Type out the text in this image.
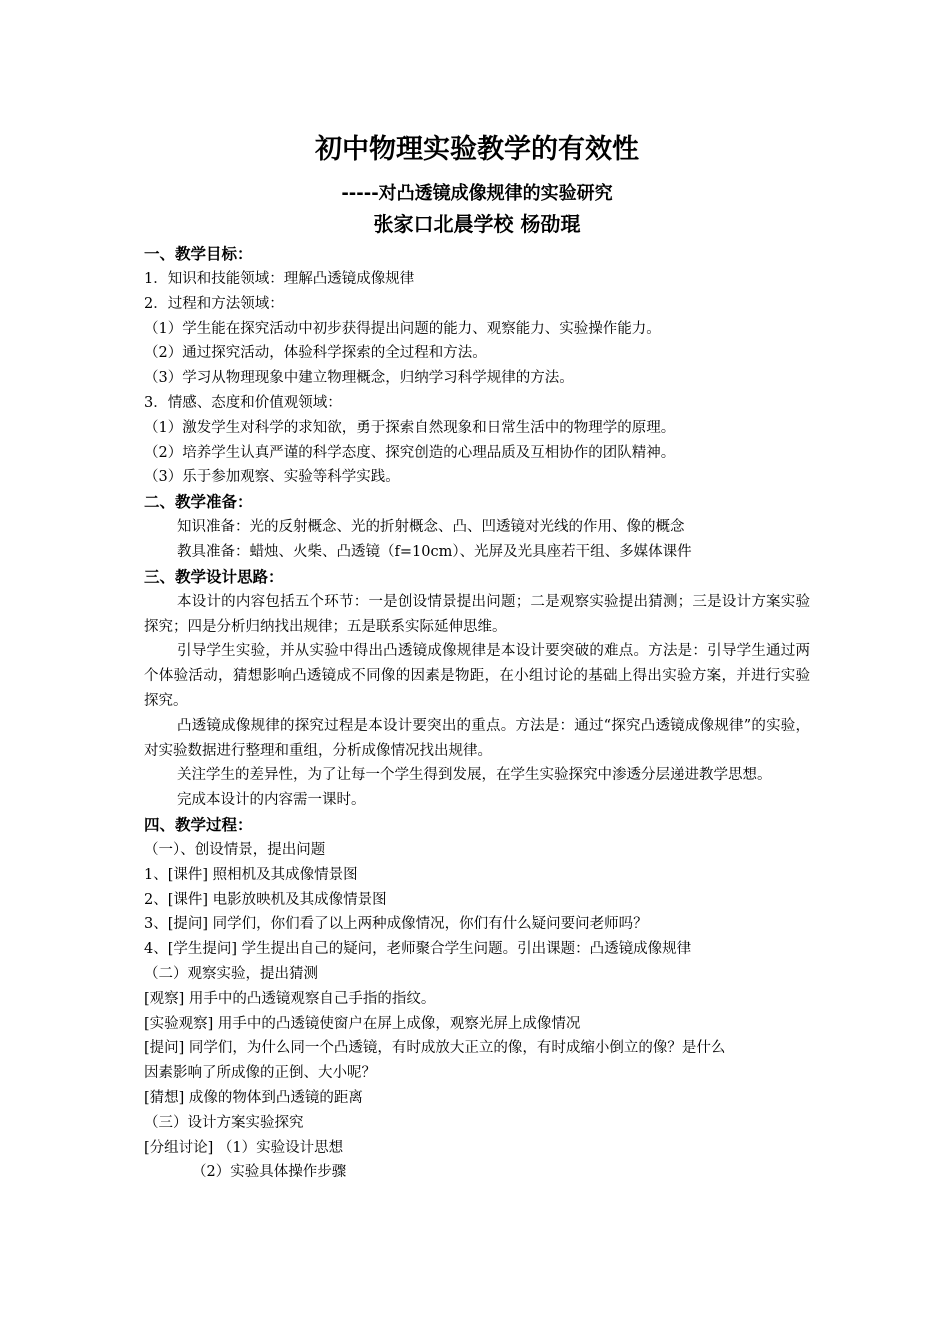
初中物理实验教学的有效性
-----对凸透镜成像规律的实验研究
张家口北晨学校 杨劭琨
一、教学目标：
1．知识和技能领域：理解凸透镜成像规律
2．过程和方法领域：
（1）学生能在探究活动中初步获得提出问题的能力、观察能力、实验操作能力。
（2）通过探究活动，体验科学探索的全过程和方法。
（3）学习从物理现象中建立物理概念，归纳学习科学规律的方法。
3．情感、态度和价值观领域：
（1）激发学生对科学的求知欲，勇于探索自然现象和日常生活中的物理学的原理。
（2）培养学生认真严谨的科学态度、探究创造的心理品质及互相协作的团队精神。
（3）乐于参加观察、实验等科学实践。
二、教学准备：
知识准备：光的反射概念、光的折射概念、凸、凹透镜对光线的作用、像的概念
教具准备：蜡烛、火柴、凸透镜（f=10cm）、光屏及光具座若干组、多媒体课件
三、教学设计思路：

本设计的内容包括五个环节：一是创设情景提出问题；二是观察实验提出猜测；三是设计方案实验探究；四是分析归纳找出规律；五是联系实际延伸思维。

引导学生实验，并从实验中得出凸透镜成像规律是本设计要突破的难点。方法是：引导学生通过两个体验活动，猜想影响凸透镜成不同像的因素是物距，在小组讨论的基础上得出实验方案，并进行实验探究。

凸透镜成像规律的探究过程是本设计要突出的重点。方法是：通过“探究凸透镜成像规律”的实验，对实验数据进行整理和重组，分析成像情况找出规律。

关注学生的差异性，为了让每一个学生得到发展，在学生实验探究中渗透分层递进教学思想。

完成本设计的内容需一课时。

四、教学过程：
（一）、创设情景，提出问题
1、[课件] 照相机及其成像情景图
2、[课件] 电影放映机及其成像情景图
3、[提问] 同学们，你们看了以上两种成像情况，你们有什么疑问要问老师吗？
4、[学生提问] 学生提出自己的疑问，老师聚合学生问题。引出课题：凸透镜成像规律
（二）观察实验，提出猜测
[观察] 用手中的凸透镜观察自己手指的指纹。
[实验观察] 用手中的凸透镜使窗户在屏上成像，观察光屏上成像情况
[提问] 同学们，为什么同一个凸透镜，有时成放大正立的像，有时成缩小倒立的像？是什么
因素影响了所成像的正倒、大小呢？
[猜想] 成像的物体到凸透镜的距离
（三）设计方案实验探究
[分组讨论] （1）实验设计思想
（2）实验具体操作步骤
